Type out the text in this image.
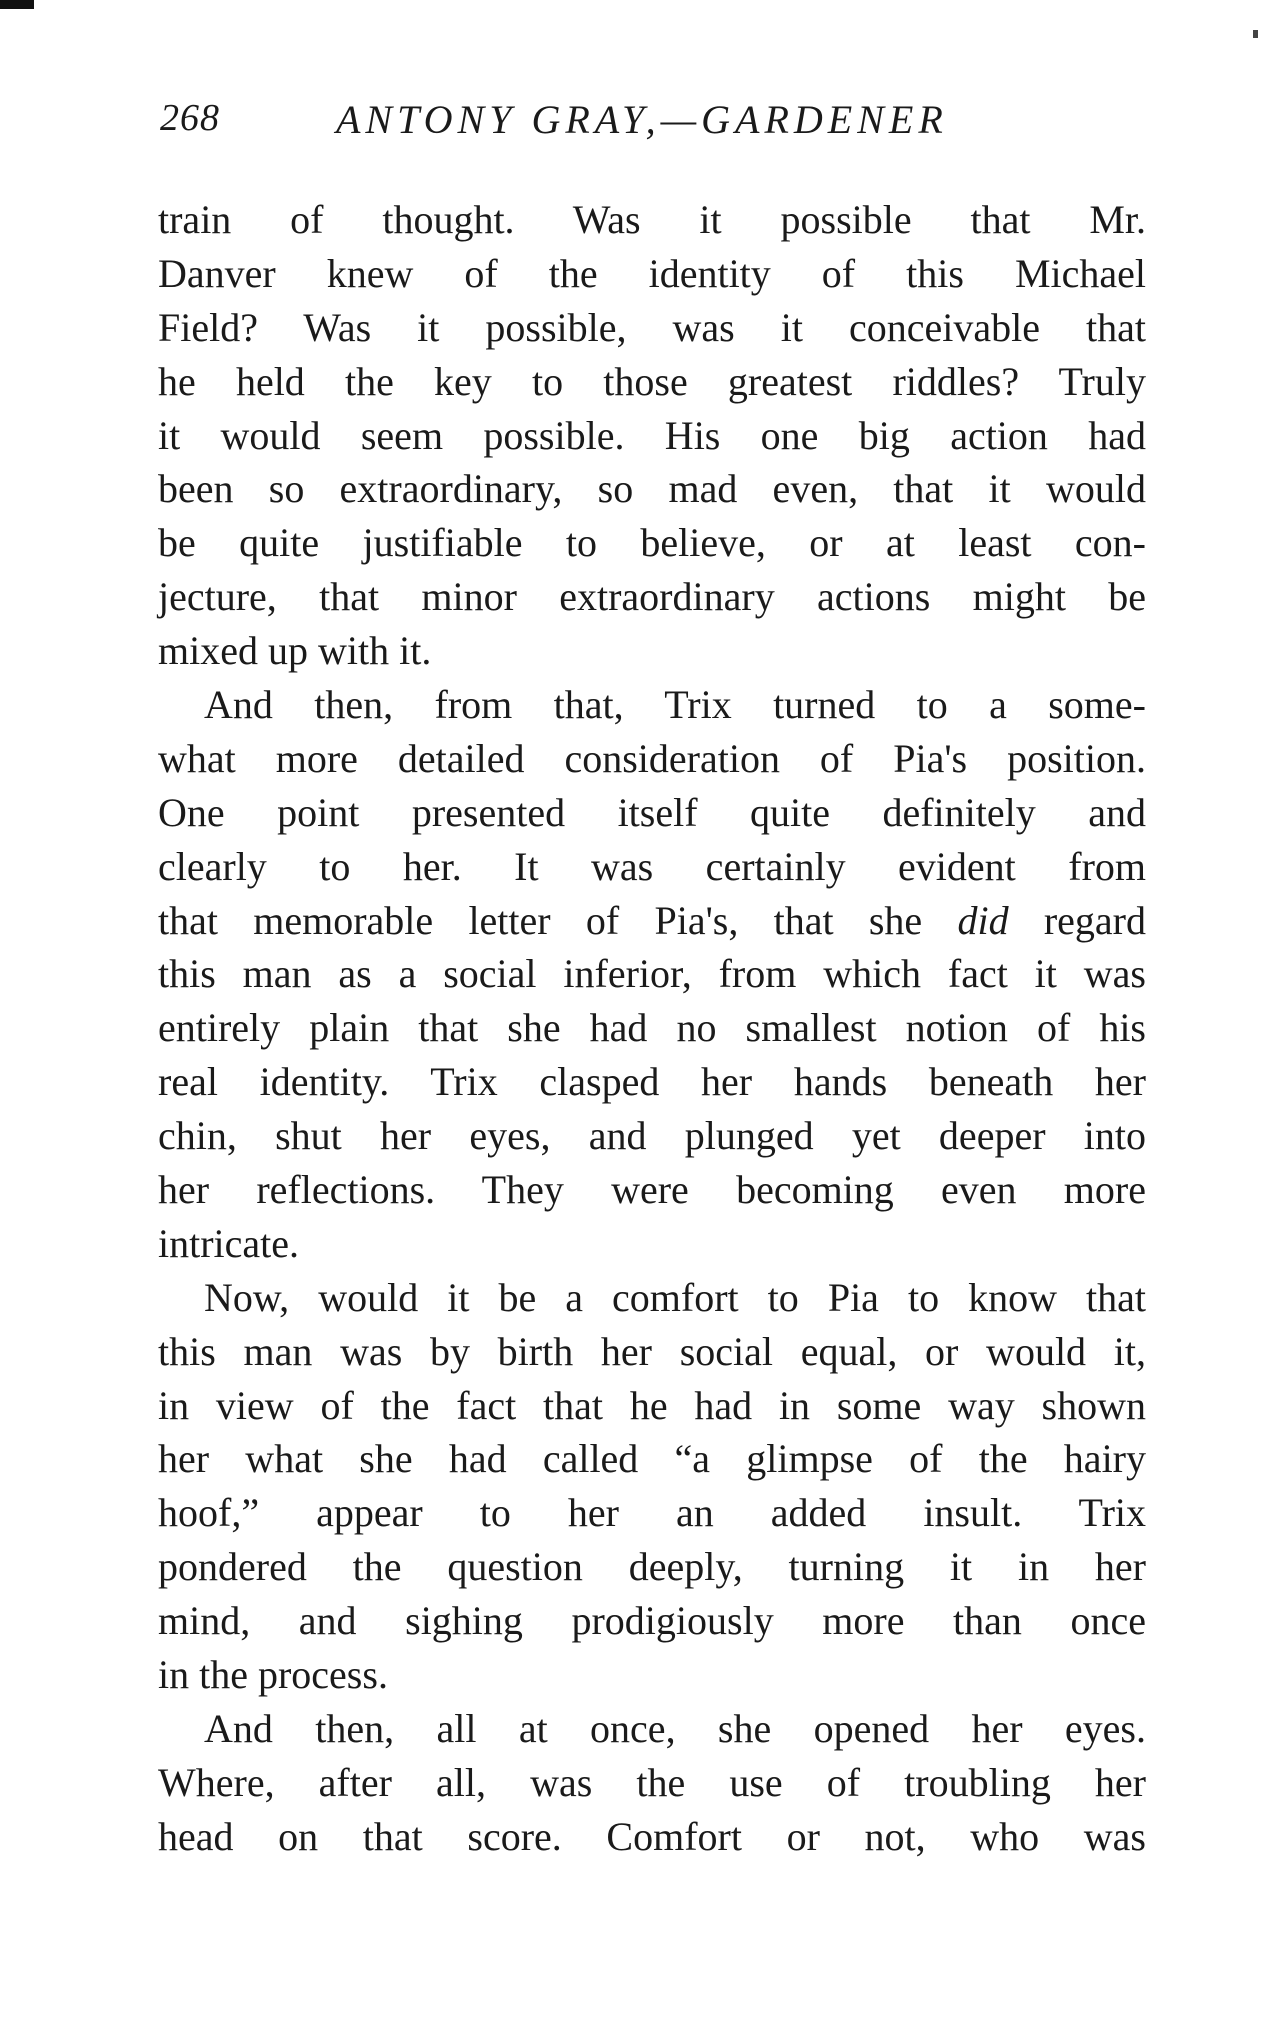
268	ANTONY GRAY,—GARDENER
train of thought. Was it possible that Mr.
Danver knew of the identity of this Michael
Field? Was it possible, was it conceivable that
he held the key to those greatest riddles? Truly
it would seem possible. His one big action had
been so extraordinary, so mad even, that it would
be quite justifiable to believe, or at least con-
jecture, that minor extraordinary actions might be
mixed up with it.
And then, from that, Trix turned to a some-
what more detailed consideration of Pia's position.
One point presented itself quite definitely and
clearly to her. It was certainly evident from
that memorable letter of Pia's, that she did regard
this man as a social inferior, from which fact it was
entirely plain that she had no smallest notion of his
real identity. Trix clasped her hands beneath her
chin, shut her eyes, and plunged yet deeper into
her reflections. They were becoming even more
intricate.
Now, would it be a comfort to Pia to know that
this man was by birth her social equal, or would it,
in view of the fact that he had in some way shown
her what she had called “a glimpse of the hairy
hoof,” appear to her an added insult. Trix
pondered the question deeply, turning it in her
mind, and sighing prodigiously more than once
in the process.
And then, all at once, she opened her eyes.
Where, after all, was the use of troubling her
head on that score. Comfort or not, who was
